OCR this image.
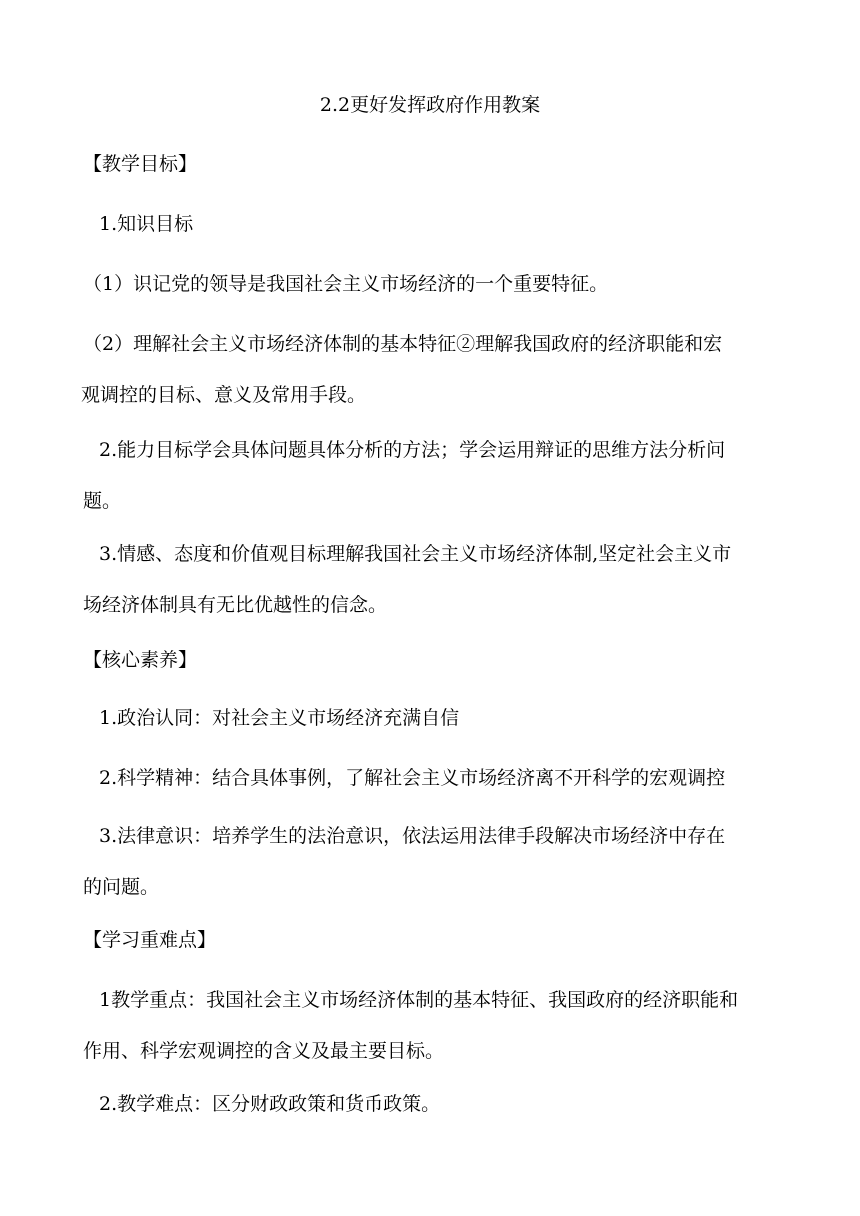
2.2更好发挥政府作用教案
【教学目标】
1.知识目标
（1）识记党的领导是我国社会主义市场经济的一个重要特征。
（2）理解社会主义市场经济体制的基本特征②理解我国政府的经济职能和宏
观调控的目标、意义及常用手段。
2.能力目标学会具体问题具体分析的方法；学会运用辩证的思维方法分析问
题。
3.情感、态度和价值观目标理解我国社会主义市场经济体制,坚定社会主义市
场经济体制具有无比优越性的信念。
【核心素养】
1.政治认同：对社会主义市场经济充满自信
2.科学精神：结合具体事例，了解社会主义市场经济离不开科学的宏观调控
3.法律意识：培养学生的法治意识，依法运用法律手段解决市场经济中存在
的问题。
【学习重难点】
1教学重点：我国社会主义市场经济体制的基本特征、我国政府的经济职能和
作用、科学宏观调控的含义及最主要目标。
2.教学难点：区分财政政策和货币政策。
